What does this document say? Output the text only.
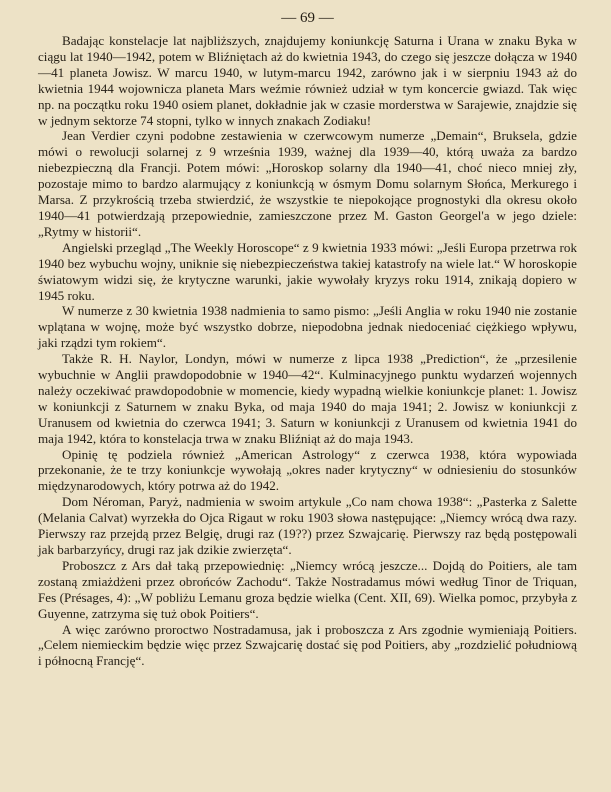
— 69 —

Badając konstelacje lat najbliższych, znajdujemy koniunkcję Saturna i Urana w znaku Byka w ciągu lat 1940—1942, potem w Bliźniętach aż do kwietnia 1943, do czego się jeszcze dołącza w 1940—41 planeta Jowisz. W marcu 1940, w lutym-marcu 1942, zarówno jak i w sierpniu 1943 aż do kwietnia 1944 wojownicza planeta Mars weźmie również udział w tym koncercie gwiazd. Tak więc np. na początku roku 1940 osiem planet, dokładnie jak w czasie morderstwa w Sarajewie, znajdzie się w jednym sektorze 74 stopni, tylko w innych znakach Zodiaku!

Jean Verdier czyni podobne zestawienia w czerwcowym numerze „Demain“, Bruksela, gdzie mówi o rewolucji solarnej z 9 września 1939, ważnej dla 1939—40, którą uważa za bardzo niebezpieczną dla Francji. Potem mówi: „Horoskop solarny dla 1940—41, choć nieco mniej zły, pozostaje mimo to bardzo alarmujący z koniunkcją w ósmym Domu solarnym Słońca, Merkurego i Marsa. Z przykrością trzeba stwierdzić, że wszystkie te niepokojące prognostyki dla okresu około 1940—41 potwierdzają przepowiednie, zamieszczone przez M. Gaston Georgel'a w jego dziele: „Rytmy w historii“.

Angielski przegląd „The Weekly Horoscope“ z 9 kwietnia 1933 mówi: „Jeśli Europa przetrwa rok 1940 bez wybuchu wojny, uniknie się niebezpieczeństwa takiej katastrofy na wiele lat.“ W horoskopie światowym widzi się, że krytyczne warunki, jakie wywołały kryzys roku 1914, znikają dopiero w 1945 roku.

W numerze z 30 kwietnia 1938 nadmienia to samo pismo: „Jeśli Anglia w roku 1940 nie zostanie wplątana w wojnę, może być wszystko dobrze, niepodobna jednak niedoceniać ciężkiego wpływu, jaki rządzi tym rokiem“.

Także R. H. Naylor, Londyn, mówi w numerze z lipca 1938 „Prediction“, że „przesilenie wybuchnie w Anglii prawdopodobnie w 1940—42“. Kulminacyjnego punktu wydarzeń wojennych należy oczekiwać prawdopodobnie w momencie, kiedy wypadną wielkie koniunkcje planet: 1. Jowisz w koniunkcji z Saturnem w znaku Byka, od maja 1940 do maja 1941; 2. Jowisz w koniunkcji z Uranusem od kwietnia do czerwca 1941; 3. Saturn w koniunkcji z Uranusem od kwietnia 1941 do maja 1942, która to konstelacja trwa w znaku Bliźniąt aż do maja 1943.

Opinię tę podziela również „American Astrology“ z czerwca 1938, która wypowiada przekonanie, że te trzy koniunkcje wywołają „okres nader krytyczny“ w odniesieniu do stosunków międzynarodowych, który potrwa aż do 1942.

Dom Néroman, Paryż, nadmienia w swoim artykule „Co nam chowa 1938“: „Pasterka z Salette (Melania Calvat) wyrzekła do Ojca Rigaut w roku 1903 słowa następujące: „Niemcy wrócą dwa razy. Pierwszy raz przejdą przez Belgię, drugi raz (19??) przez Szwajcarię. Pierwszy raz będą postępowali jak barbarzyńcy, drugi raz jak dzikie zwierzęta“.

Proboszcz z Ars dał taką przepowiednię: „Niemcy wrócą jeszcze... Dojdą do Poitiers, ale tam zostaną zmiażdżeni przez obrońców Zachodu“. Także Nostradamus mówi według Tinor de Triquan, Fes (Présages, 4): „W pobliżu Lemanu groza będzie wielka (Cent. XII, 69). Wielka pomoc, przybyła z Guyenne, zatrzyma się tuż obok Poitiers“.

A więc zarówno proroctwo Nostradamusa, jak i proboszcza z Ars zgodnie wymieniają Poitiers. „Celem niemieckim będzie więc przez Szwajcarię dostać się pod Poitiers, aby „rozdzielić południową i północną Francję“.
